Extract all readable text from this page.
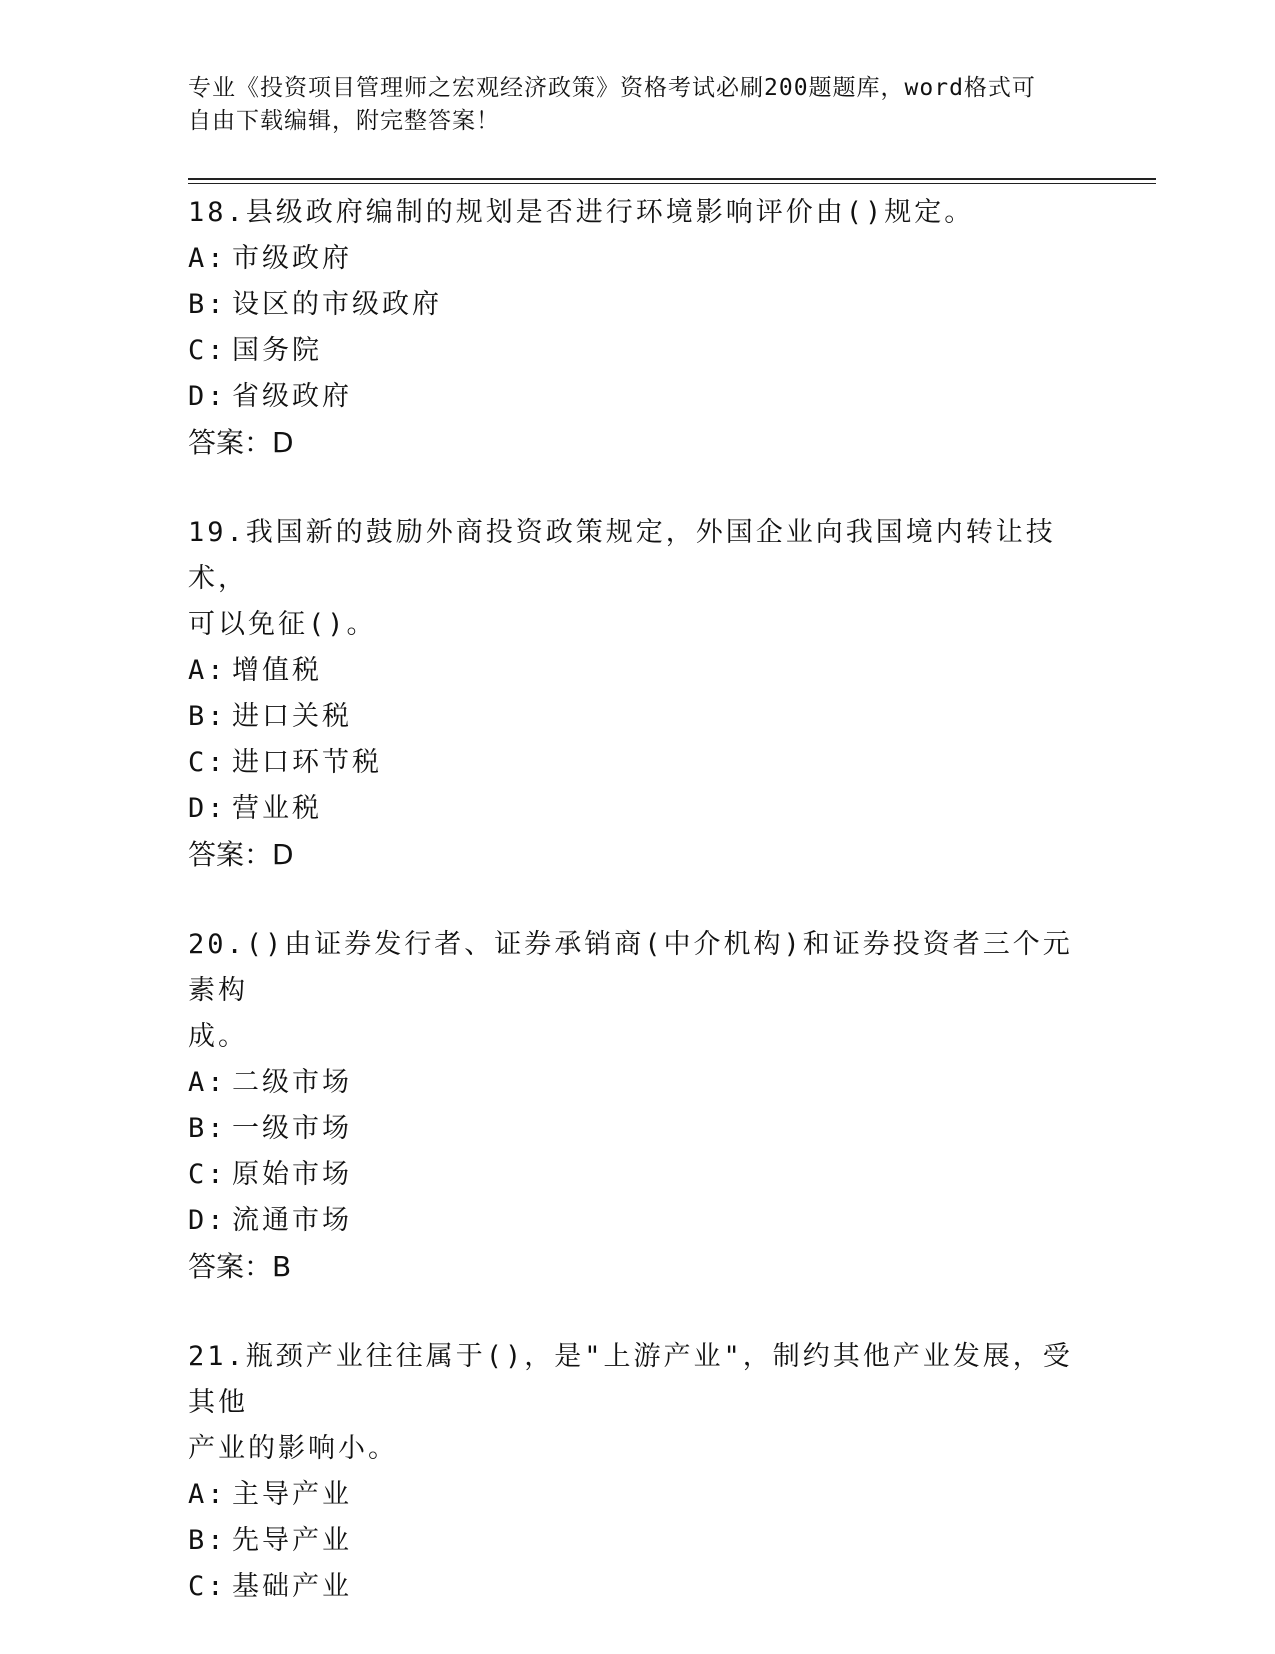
专业《投资项目管理师之宏观经济政策》资格考试必刷200题题库，word格式可
自由下载编辑，附完整答案！
18.县级政府编制的规划是否进行环境影响评价由()规定。
A: 市级政府
B: 设区的市级政府
C: 国务院
D: 省级政府
答案：D
19.我国新的鼓励外商投资政策规定，外国企业向我国境内转让技术，
可以免征()。
A: 增值税
B: 进口关税
C: 进口环节税
D: 营业税
答案：D
20.()由证券发行者、证券承销商(中介机构)和证券投资者三个元素构
成。
A: 二级市场
B: 一级市场
C: 原始市场
D: 流通市场
答案：B
21.瓶颈产业往往属于()，是"上游产业"，制约其他产业发展，受其他
产业的影响小。
A: 主导产业
B: 先导产业
C: 基础产业
